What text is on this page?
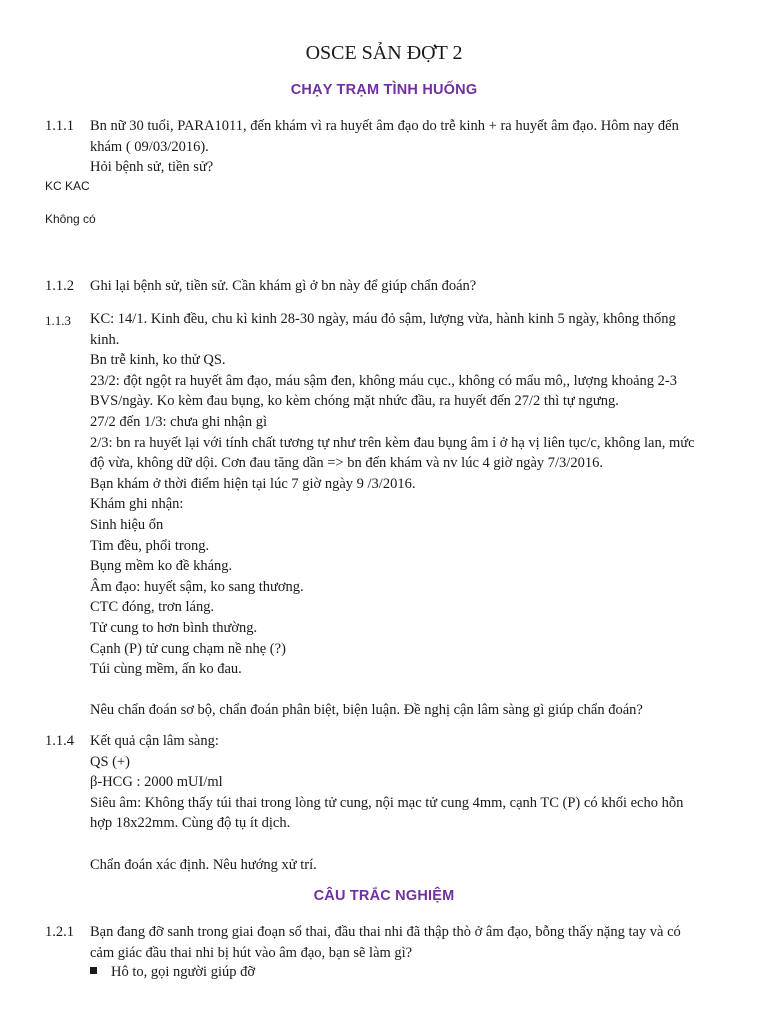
OSCE SẢN ĐỢT 2
CHẠY TRẠM TÌNH HUỐNG
1.1.1	Bn nữ 30 tuổi, PARA1011, đến khám vì ra huyết âm đạo do trễ kinh + ra huyết âm đạo. Hôm nay đến
khám ( 09/03/2016).
Hỏi bệnh sử, tiền sử?
KC KAC
Không có
1.1.2	Ghi lại bệnh sử, tiền sử. Cần khám gì ở bn này để giúp chẩn đoán?
1.1.3	KC: 14/1. Kinh đều, chu kì kinh 28-30 ngày, máu đỏ sậm, lượng vừa, hành kinh 5 ngày, không thống
kinh.
Bn trễ kinh, ko thử QS.
23/2: đột ngột ra huyết âm đạo, máu sậm đen, không máu cục., không có mẩu mô,, lượng khoảng 2-3
BVS/ngày. Ko kèm đau bụng, ko kèm chóng mặt nhức đầu, ra huyết đến 27/2 thì tự ngưng.
27/2 đến 1/3: chưa ghi nhận gì
2/3: bn ra huyết lại với tính chất tương tự như trên kèm đau bụng âm ỉ ở hạ vị liên tục/c, không lan, mức
độ vừa, không dữ dội. Cơn đau tăng dần => bn đến khám và nv lúc 4 giờ ngày 7/3/2016.
Bạn khám ở thời điểm hiện tại lúc 7 giờ ngày 9 /3/2016.
Khám ghi nhận:
Sinh hiệu ổn
Tim đều, phổi trong.
Bụng mềm ko đề kháng.
Âm đạo: huyết sậm, ko sang thương.
CTC đóng, trơn láng.
Tử cung to hơn bình thường.
Cạnh (P) tử cung chạm nề nhẹ (?)
Túi cùng mềm, ấn ko đau.
Nêu chẩn đoán sơ bộ, chẩn đoán phân biệt, biện luận. Đề nghị cận lâm sàng gì giúp chẩn đoán?
1.1.4	Kết quả cận lâm sàng:
QS (+)
β-HCG : 2000 mUI/ml
Siêu âm: Không thấy túi thai trong lòng tử cung, nội mạc tử cung 4mm, cạnh TC (P) có khối echo hỗn
hợp 18x22mm. Cùng độ tụ ít dịch.
Chẩn đoán xác định. Nêu hướng xử trí.
CÂU TRẮC NGHIỆM
1.2.1	Bạn đang đỡ sanh trong giai đoạn sổ thai, đầu thai nhi đã thập thò ở âm đạo, bỗng thấy nặng tay và có
cảm giác đầu thai nhi bị hút vào âm đạo, bạn sẽ làm gì?
Hô to, gọi người giúp đỡ
